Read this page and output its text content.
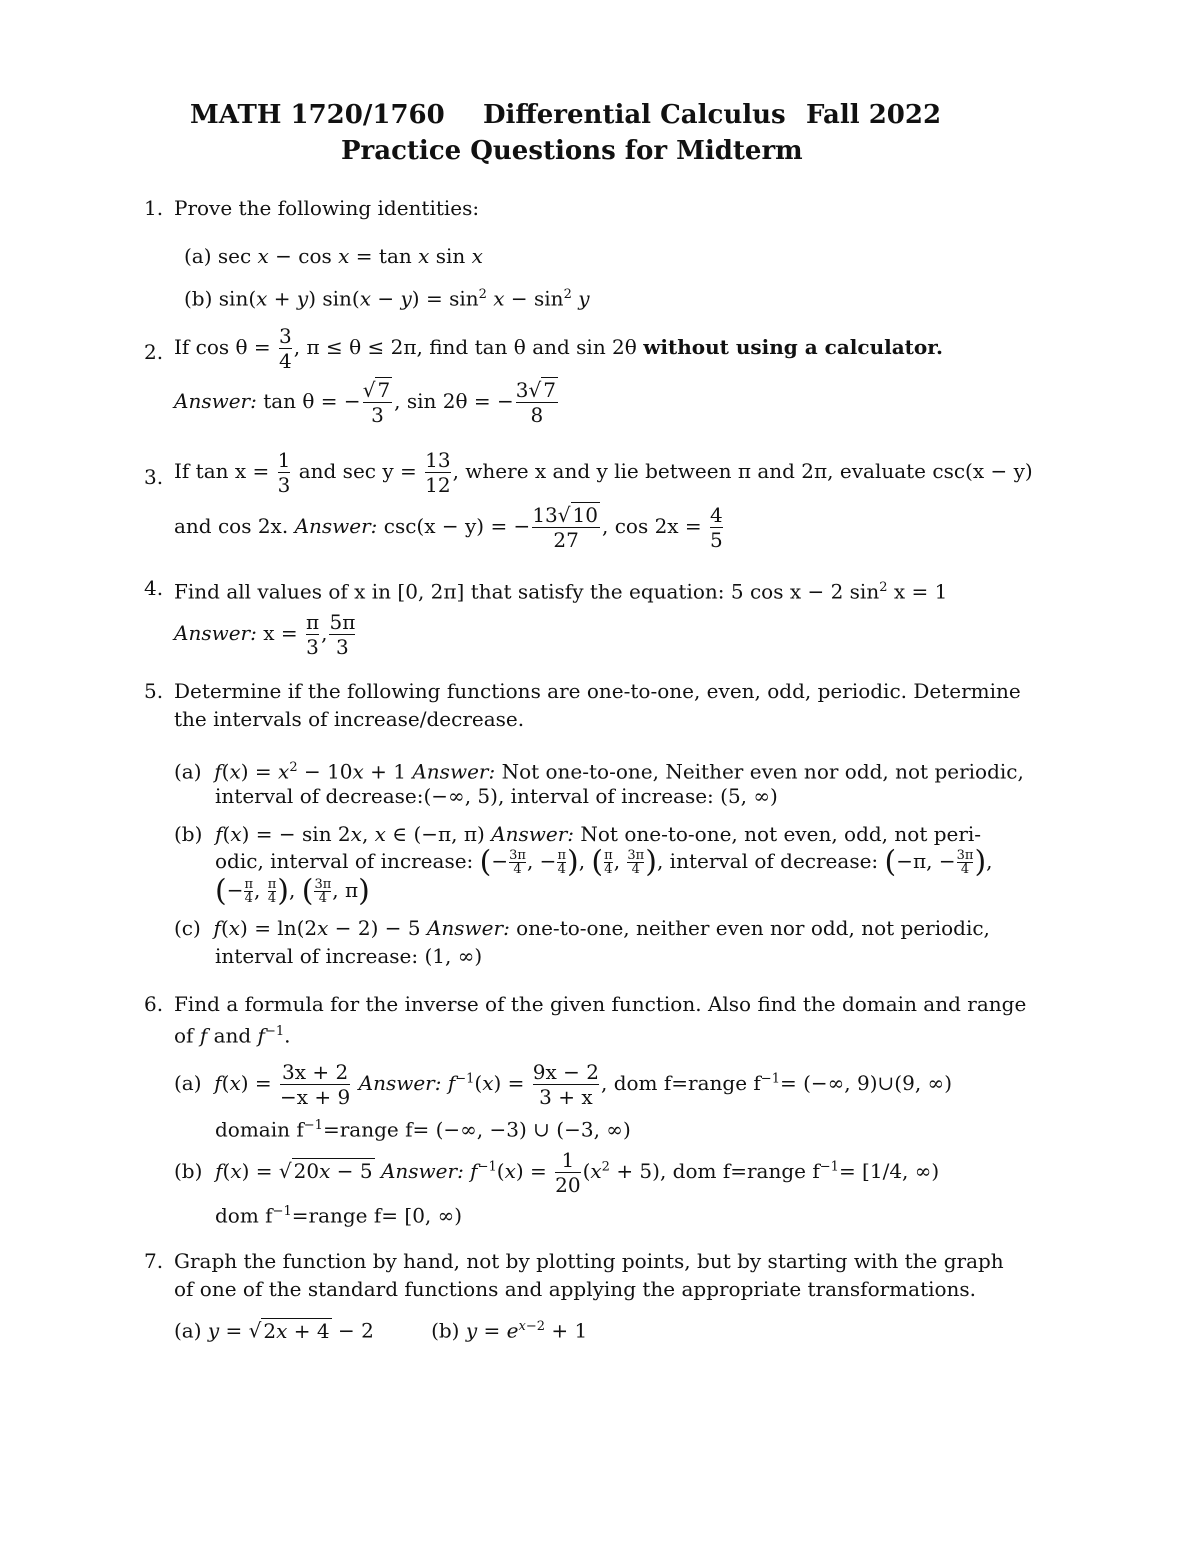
MATH 1720/1760 Differential Calculus Fall 2022
Practice Questions for Midterm
1. Prove the following identities:
(a) sec x − cos x = tan x sin x
(b) sin(x + y) $\sin(x - y) = \sin^2 x - \sin^2 y$
2. If $\cos \theta = \frac{3}{4}$ , π ≤ θ ≤ 2π, find tan θ and sin 2θ without using a calculator.
Answer: tan θ = − $\frac{√ 7}{3}$ , sin 2θ = − $\frac{3√ 7}{8}$
3. If $\tan x = \frac{1}{3}$ and $\sec y = \frac{13}{12}$ , where x and y lie between π and 2π, evaluate csc(x − y)
and cos 2x. Answer: csc(x − y) = − $\frac{13√ 10}{27}$ , $\cos 2x = \frac{4}{5}$
4. Find all values of x in [0, 2π] that satisfy the equation: 5 cos x − 2 $\sin^2 x = 1$
Answer: $x = \frac{\pi}{3}$ , $\frac{5\pi}{3}$
5. Determine if the following functions are one-to-one, even, odd, periodic. Determine
the intervals of increase/decrease.
(a) $f(x) = x^2 - 10x + 1$ Answer: Not one-to-one, Neither even nor odd, not periodic,
interval of decrease:(−∞, 5), interval of increase: (5, ∞)
(b) f(x) = − sin 2x, x ∈ (−π, π) Answer: Not one-to-one, not even, odd, not peri-
odic, interval of increase: (− $\frac{3\pi}{4}$ , − $\frac{\pi}{4}$ ), ( $\frac{\pi}{4}$ , $\frac{3\pi}{4}$ ), interval of decrease: (−π, − $\frac{3\pi}{4}$ ),
(− $\frac{\pi}{4}$ , $\frac{\pi}{4}$ ), ( $\frac{3\pi}{4}$ , π)
(c) f(x) = ln(2x − 2) − 5 Answer: one-to-one, neither even nor odd, not periodic,
interval of increase: (1, ∞)
6. Find a formula for the inverse of the given function. Also find the domain and range
of f and $f^{-1}$.
(a) $f(x) = \frac{3x + 2}{-x + 9}$ Answer: $f^{-1}(x) = \frac{9x - 2}{3 + x}$ , dom f=range $f^{-1}=$ (−∞, 9)∪(9, ∞)
domain $f^{-1}=range$ f= (−∞, −3) ∪ (−3, ∞)
(b) f(x) = √ 20x − 5 Answer: $f^{-1}(x) = \frac{1}{20} (x^2 + 5)$, dom f=range $f^{-1}= [1/4$, ∞)
dom $f^{-1}=range$ f= [0, ∞)
7. Graph the function by hand, not by plotting points, but by starting with the graph
of one of the standard functions and applying the appropriate transformations.
(a) y = √ 2x + 4 − 2         (b) $y = e^{x-2} + 1$
